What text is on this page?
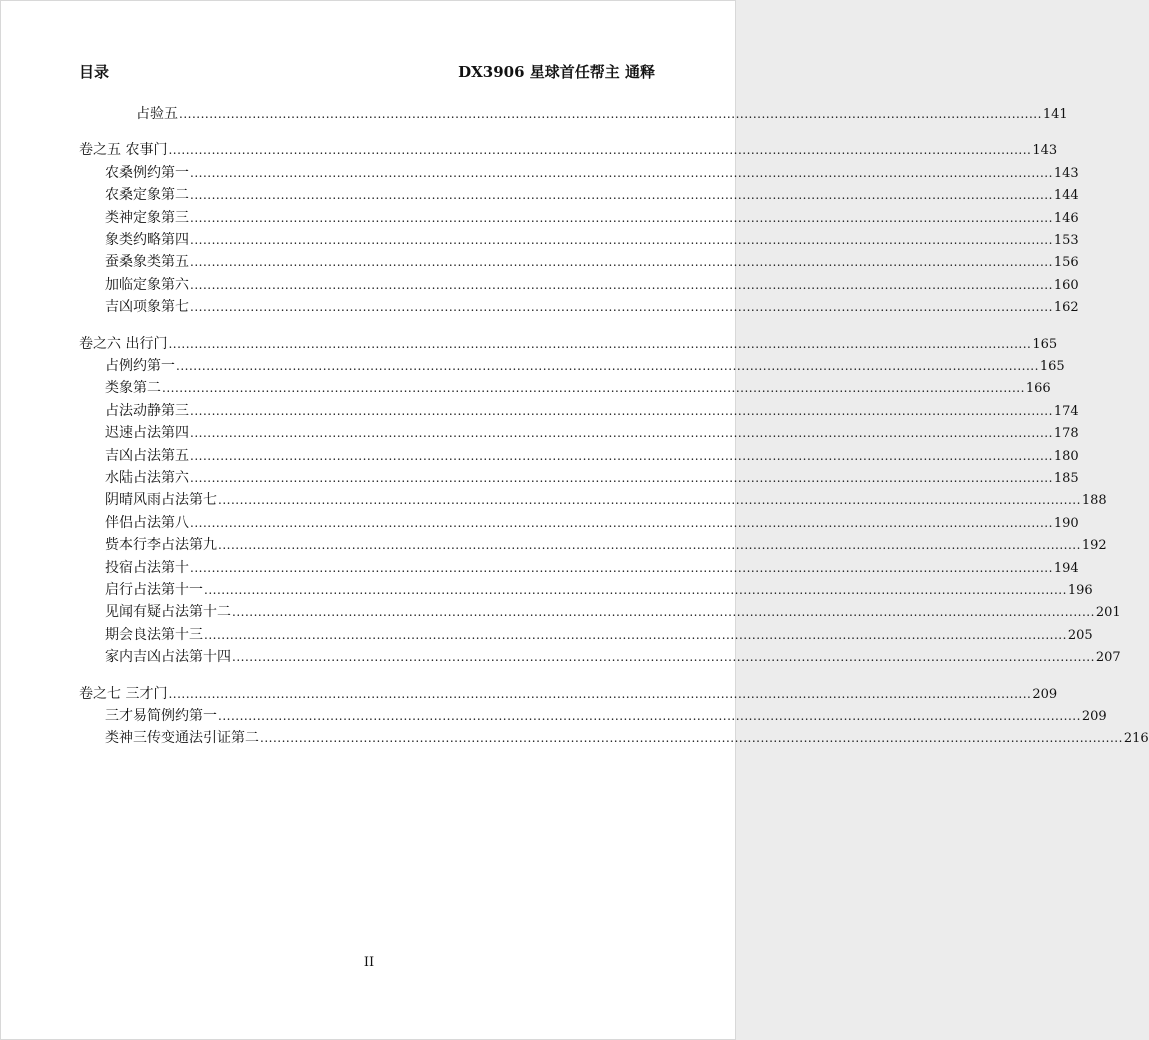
目录	DX3906 星球首任帮主 通释
占验五 ........................................................................................................................................................................................................ 141
卷之五 农事门 ........................................................................................................................................................................................................ 143
农桑例约第一 ........................................................................................................................................................................................................ 143
农桑定象第二 ........................................................................................................................................................................................................ 144
类神定象第三 ........................................................................................................................................................................................................ 146
象类约略第四 ........................................................................................................................................................................................................ 153
蚕桑象类第五 ........................................................................................................................................................................................................ 156
加临定象第六 ........................................................................................................................................................................................................ 160
吉凶项象第七 ........................................................................................................................................................................................................ 162
卷之六 出行门 ........................................................................................................................................................................................................ 165
占例约第一 ........................................................................................................................................................................................................ 165
类象第二 ........................................................................................................................................................................................................ 166
占法动静第三 ........................................................................................................................................................................................................ 174
迟速占法第四 ........................................................................................................................................................................................................ 178
吉凶占法第五 ........................................................................................................................................................................................................ 180
水陆占法第六 ........................................................................................................................................................................................................ 185
阴晴风雨占法第七 ........................................................................................................................................................................................................ 188
伴侣占法第八 ........................................................................................................................................................................................................ 190
赀本行李占法第九 ........................................................................................................................................................................................................ 192
投宿占法第十 ........................................................................................................................................................................................................ 194
启行占法第十一 ........................................................................................................................................................................................................ 196
见闻有疑占法第十二 ........................................................................................................................................................................................................ 201
期会良法第十三 ........................................................................................................................................................................................................ 205
家内吉凶占法第十四 ........................................................................................................................................................................................................ 207
卷之七 三才门 ........................................................................................................................................................................................................ 209
三才易简例约第一 ........................................................................................................................................................................................................ 209
类神三传变通法引证第二 ........................................................................................................................................................................................................ 216
II
